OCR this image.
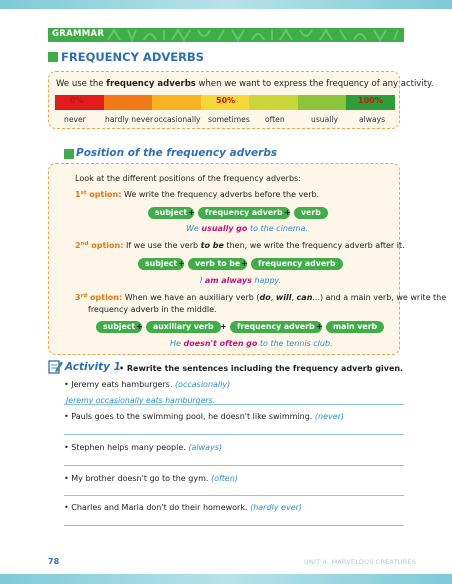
GRAMMAR
FREQUENCY ADVERBS
We use the frequency adverbs when we want to express the frequency of any activity.
0%	50%	100%
never	hardly never occasionally sometimes often	usually	always
Position of the frequency adverbs
Look at the different positions of the frequency adverbs:
1st option: We write the frequency adverbs before the verb.
subject +	frequency adverb +	verb
We usually go to the cinema.
2nd option: If we use the verb to be then, we write the frequency adverb after it.
subject +	verb to be +	frequency adverb
I am always happy.
3rd option: When we have an auxiliary verb (do, will, can...) and a main verb, we write the
frequency adverb in the middle.
subject +	auxiliary verb +	frequency adverb +	main verb
He doesn't often go to the tennis club.
Activity 1
• Rewrite the sentences including the frequency adverb given.
• Jeremy eats hamburgers. (occasionally)
Jeremy occasionally eats hamburgers.
• Pauls goes to the swimming pool, he doesn't like swimming. (never)
• Stephen helps many people. (always)
• My brother doesn't go to the gym. (often)
• Charles and Maria don't do their homework. (hardly ever)
78	UNIT 4. MARVELOUS CREATURES
